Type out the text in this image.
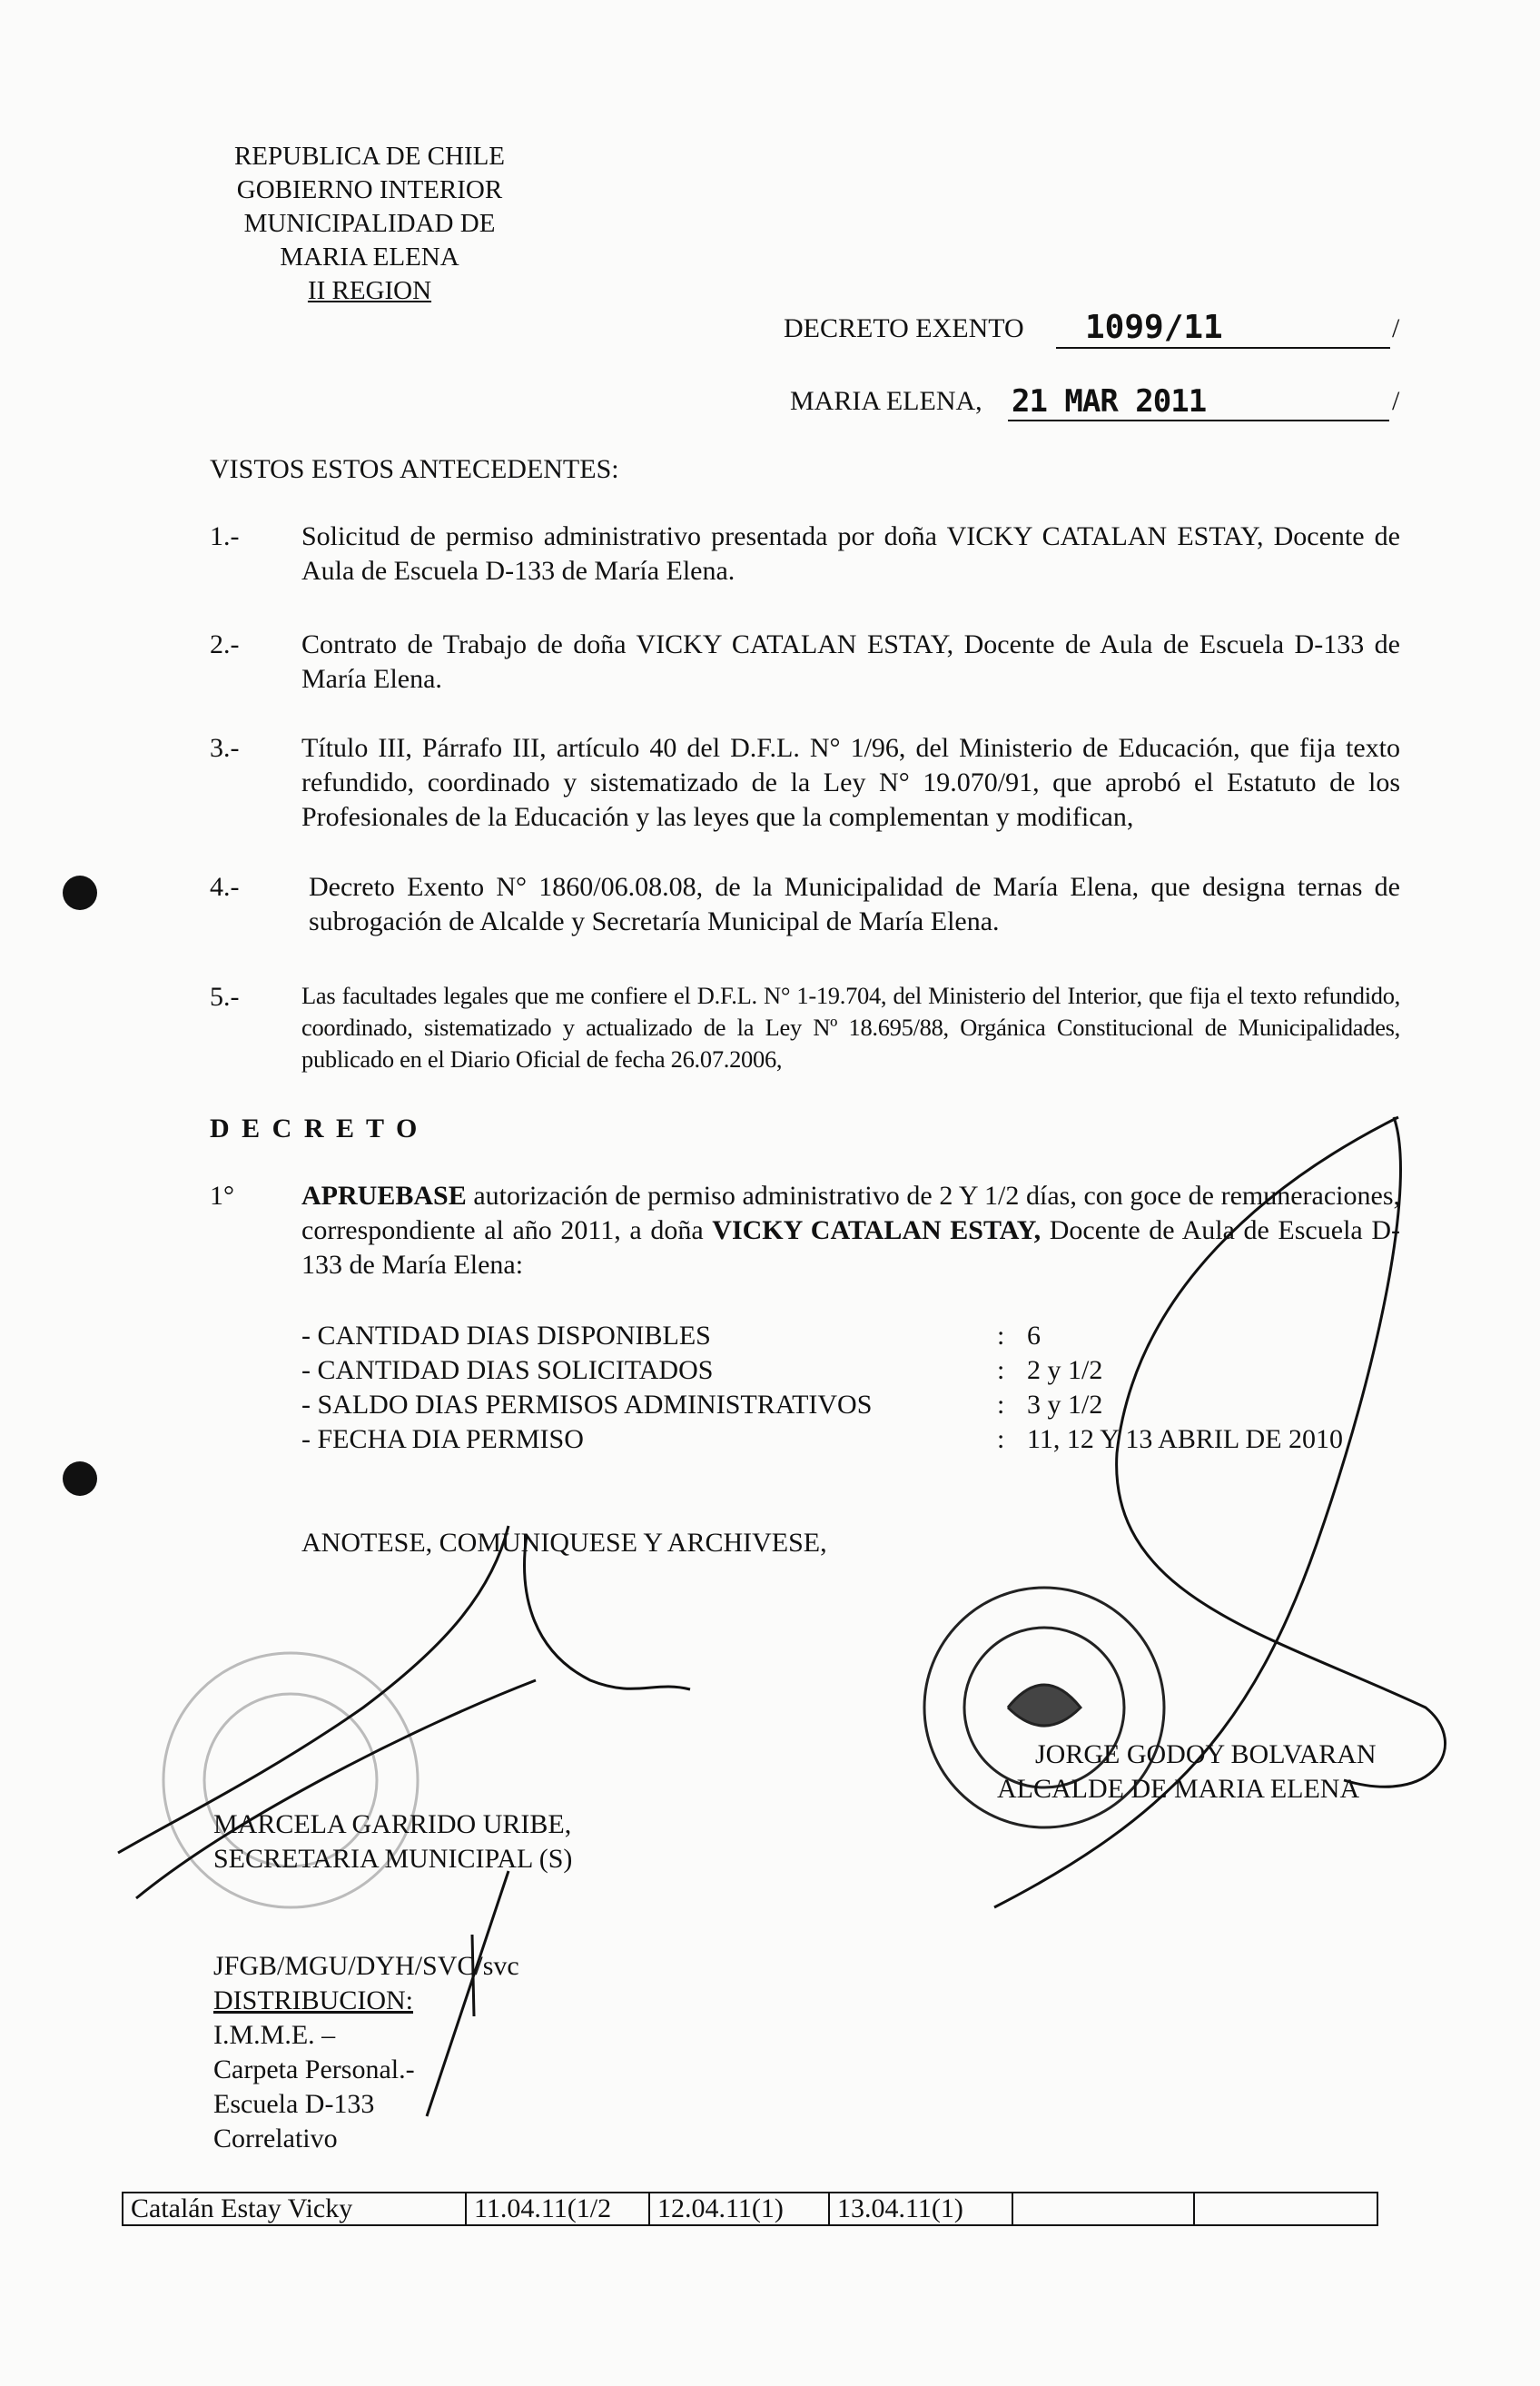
REPUBLICA DE CHILE
GOBIERNO INTERIOR
MUNICIPALIDAD DE
MARIA ELENA
II REGION
DECRETO EXENTO 1099/11	/
MARIA ELENA, 21 MAR 2011	/
VISTOS ESTOS ANTECEDENTES:
1.-	Solicitud de permiso administrativo presentada por doña VICKY CATALAN ESTAY, Docente de Aula de Escuela D-133 de María Elena.
2.-	Contrato de Trabajo de doña VICKY CATALAN ESTAY, Docente de Aula de Escuela D-133 de María Elena.
3.-	Título III, Párrafo III, artículo 40 del D.F.L. N° 1/96, del Ministerio de Educación, que fija texto refundido, coordinado y sistematizado de la Ley N° 19.070/91, que aprobó el Estatuto de los Profesionales de la Educación y las leyes que la complementan y modifican,
4.-	Decreto Exento N° 1860/06.08.08, de la Municipalidad de María Elena, que designa ternas de subrogación de Alcalde y Secretaría Municipal de María Elena.
5.-	Las facultades legales que me confiere el D.F.L. N° 1-19.704, del Ministerio del Interior, que fija el texto refundido, coordinado, sistematizado y actualizado de la Ley Nº 18.695/88, Orgánica Constitucional de Municipalidades, publicado en el Diario Oficial de fecha 26.07.2006,
D E C R E T O
1°	APRUEBASE autorización de permiso administrativo de 2 Y 1/2 días, con goce de remuneraciones, correspondiente al año 2011, a doña VICKY CATALAN ESTAY, Docente de Aula de Escuela D-133 de María Elena:
- CANTIDAD DIAS DISPONIBLES	: 6
- CANTIDAD DIAS SOLICITADOS	: 2 y 1/2
- SALDO DIAS PERMISOS ADMINISTRATIVOS	: 3 y 1/2
- FECHA DIA PERMISO	: 11, 12 Y 13 ABRIL DE 2010
ANOTESE, COMUNIQUESE Y ARCHIVESE,
JORGE GODOY BOLVARAN
ALCALDE DE MARIA ELENA
MARCELA GARRIDO URIBE,
SECRETARIA MUNICIPAL (S)
JFGB/MGU/DYH/SVC/svc
DISTRIBUCION:
I.M.M.E. –
Carpeta Personal.-
Escuela D-133
Correlativo
Catalán Estay Vicky	11.04.11(1/2	12.04.11(1)	13.04.11(1)		
